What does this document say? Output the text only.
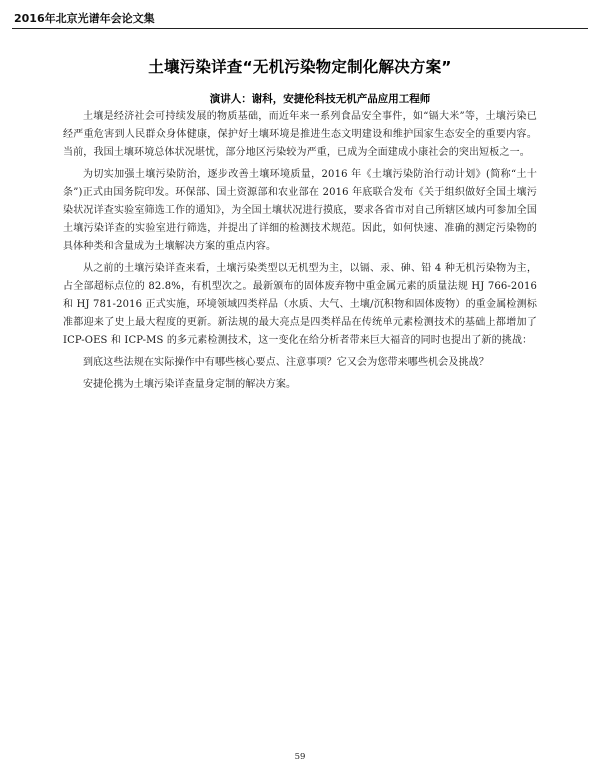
2016年北京光谱年会论文集
土壤污染详查“无机污染物定制化解决方案”
演讲人：谢科，安捷伦科技无机产品应用工程师

土壤是经济社会可持续发展的物质基础，而近年来一系列食品安全事件，如“镉大米”等，土壤污染已经严重危害到人民群众身体健康，保护好土壤环境是推进生态文明建设和维护国家生态安全的重要内容。当前，我国土壤环境总体状况堪忧，部分地区污染较为严重，已成为全面建成小康社会的突出短板之一。

为切实加强土壤污染防治，逐步改善土壤环境质量，2016 年《土壤污染防治行动计划》(简称“土十条”)正式由国务院印发。环保部、国土资源部和农业部在 2016 年底联合发布《关于组织做好全国土壤污染状况详查实验室筛选工作的通知》，为全国土壤状况进行摸底，要求各省市对自己所辖区域内可参加全国土壤污染详查的实验室进行筛选，并提出了详细的检测技术规范。因此，如何快速、准确的测定污染物的具体种类和含量成为土壤解决方案的重点内容。

从之前的土壤污染详查来看，土壤污染类型以无机型为主，以镉、汞、砷、铅 4 种无机污染物为主，占全部超标点位的 82.8%，有机型次之。最新颁布的固体废弃物中重金属元素的质量法规 HJ 766-2016 和 HJ 781-2016 正式实施，环境领域四类样品（水质、大气、土壤/沉积物和固体废物）的重金属检测标准都迎来了史上最大程度的更新。新法规的最大亮点是四类样品在传统单元素检测技术的基础上都增加了 ICP-OES 和 ICP-MS 的多元素检测技术，这一变化在给分析者带来巨大福音的同时也提出了新的挑战：

到底这些法规在实际操作中有哪些核心要点、注意事项？它又会为您带来哪些机会及挑战？

安捷伦携为土壤污染详查量身定制的解决方案。

59
